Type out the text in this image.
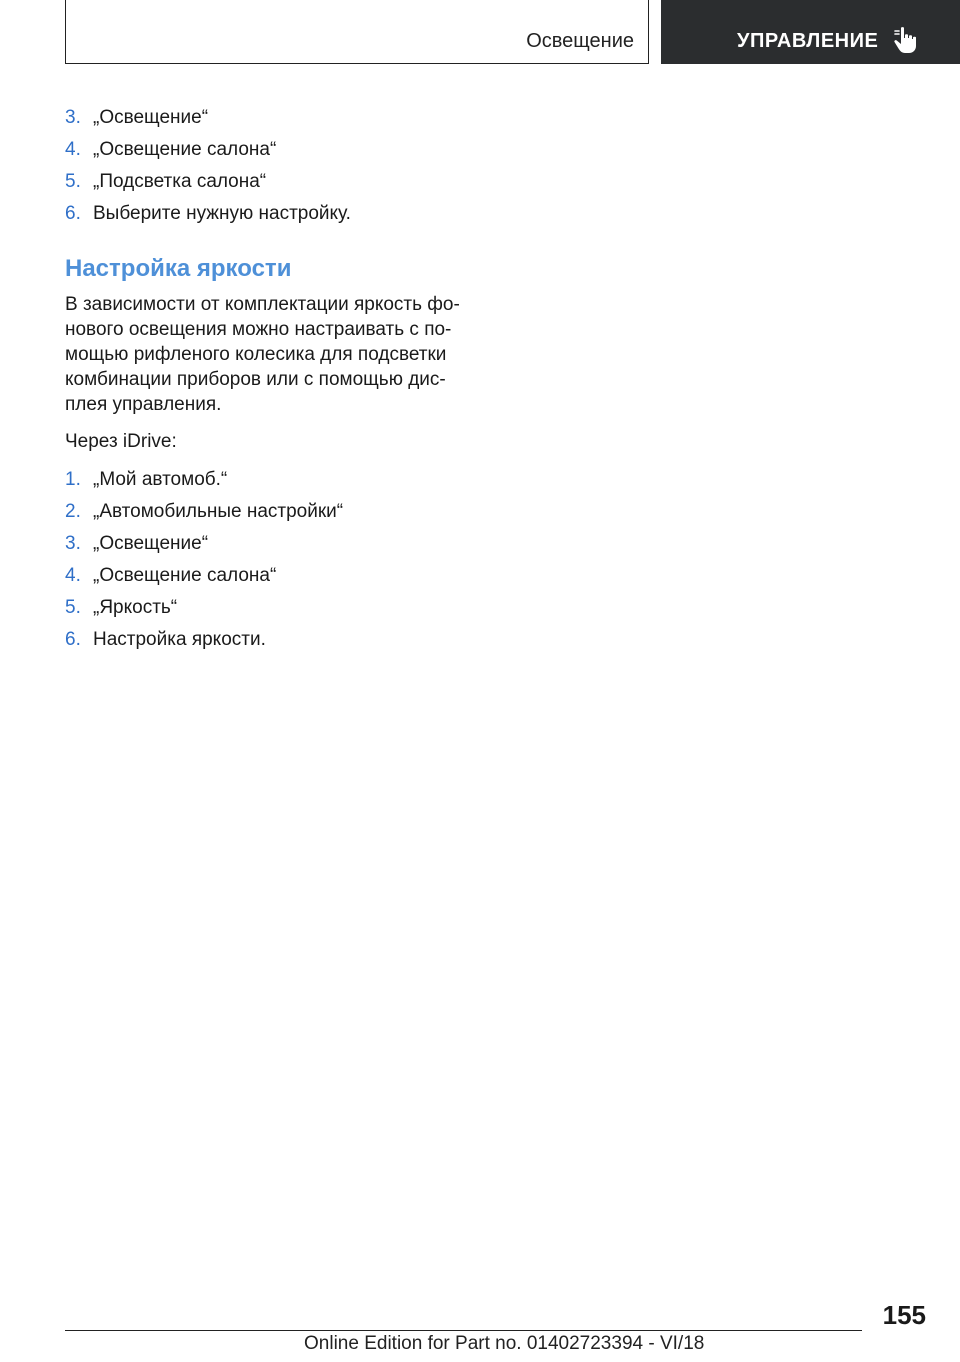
Освещение	УПРАВЛЕНИЕ
3. „Освещение“
4. „Освещение салона“
5. „Подсветка салона“
6. Выберите нужную настройку.
Настройка яркости

В зависимости от комплектации яркость фо-
нового освещения можно настраивать с по-
мощью рифленого колесика для подсветки
комбинации приборов или с помощью дис-
плея управления.

Через iDrive:

1. „Мой автомоб.“
2. „Автомобильные настройки“
3. „Освещение“
4. „Освещение салона“
5. „Яркость“
6. Настройка яркости.
155
Online Edition for Part no. 01402723394 - VI/18
